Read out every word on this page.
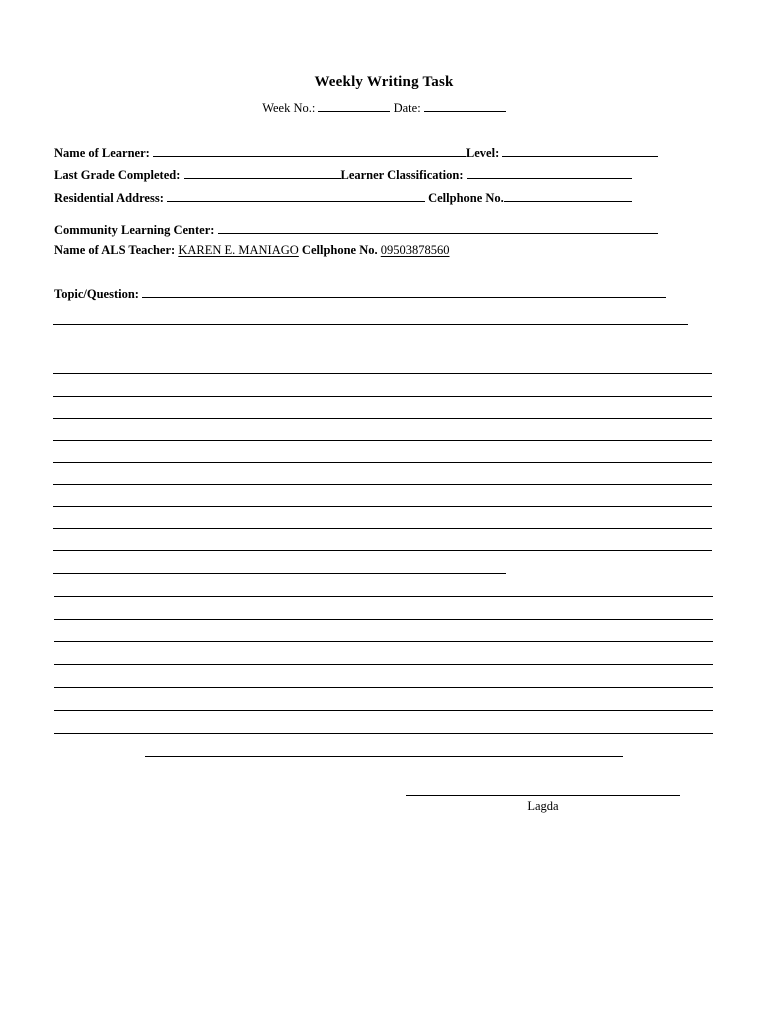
Weekly Writing Task
Week No.:	Date:
Name of Learner:	Level:
Last Grade Completed:	Learner Classification:
Residential Address:	Cellphone No.
Community Learning Center:
Name of ALS Teacher: KAREN E. MANIAGO Cellphone No. 09503878560
Topic/Question:
Lagda
